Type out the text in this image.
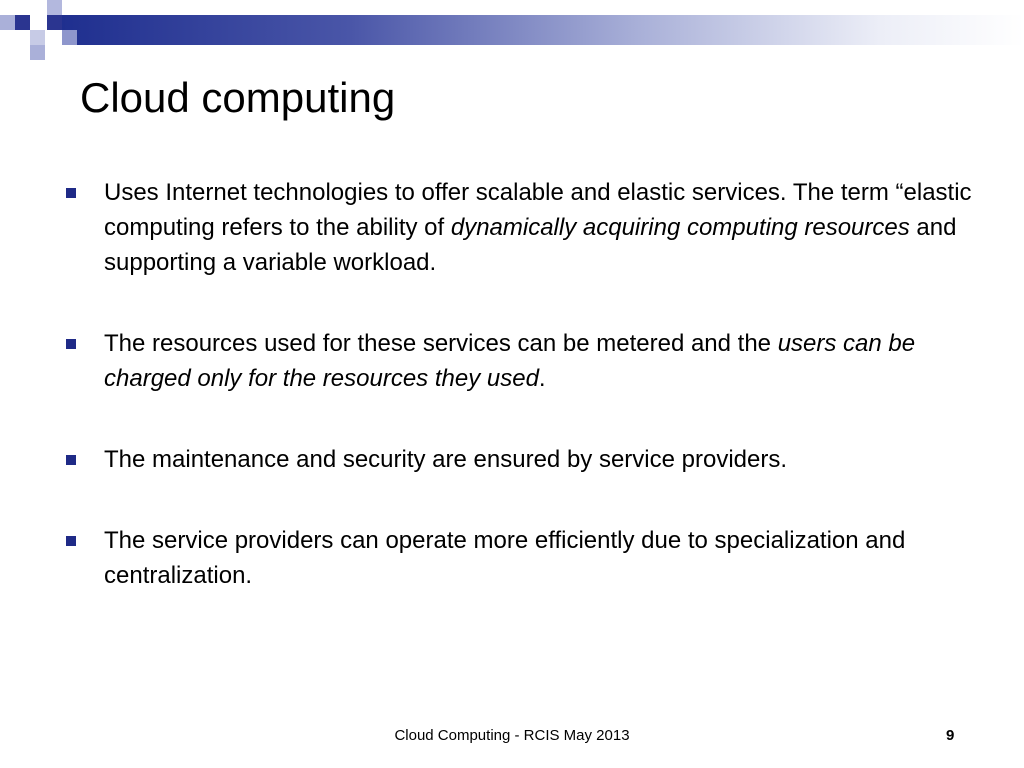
Cloud computing
Uses Internet technologies to offer scalable and elastic services. The term “elastic computing refers to the ability of dynamically acquiring computing resources and supporting a variable workload.
The resources used for these services can be metered and the users can be charged only for the resources they used.
The maintenance and security are ensured by service providers.
The service providers can operate more efficiently due to specialization and centralization.
Cloud Computing - RCIS May 2013	9
